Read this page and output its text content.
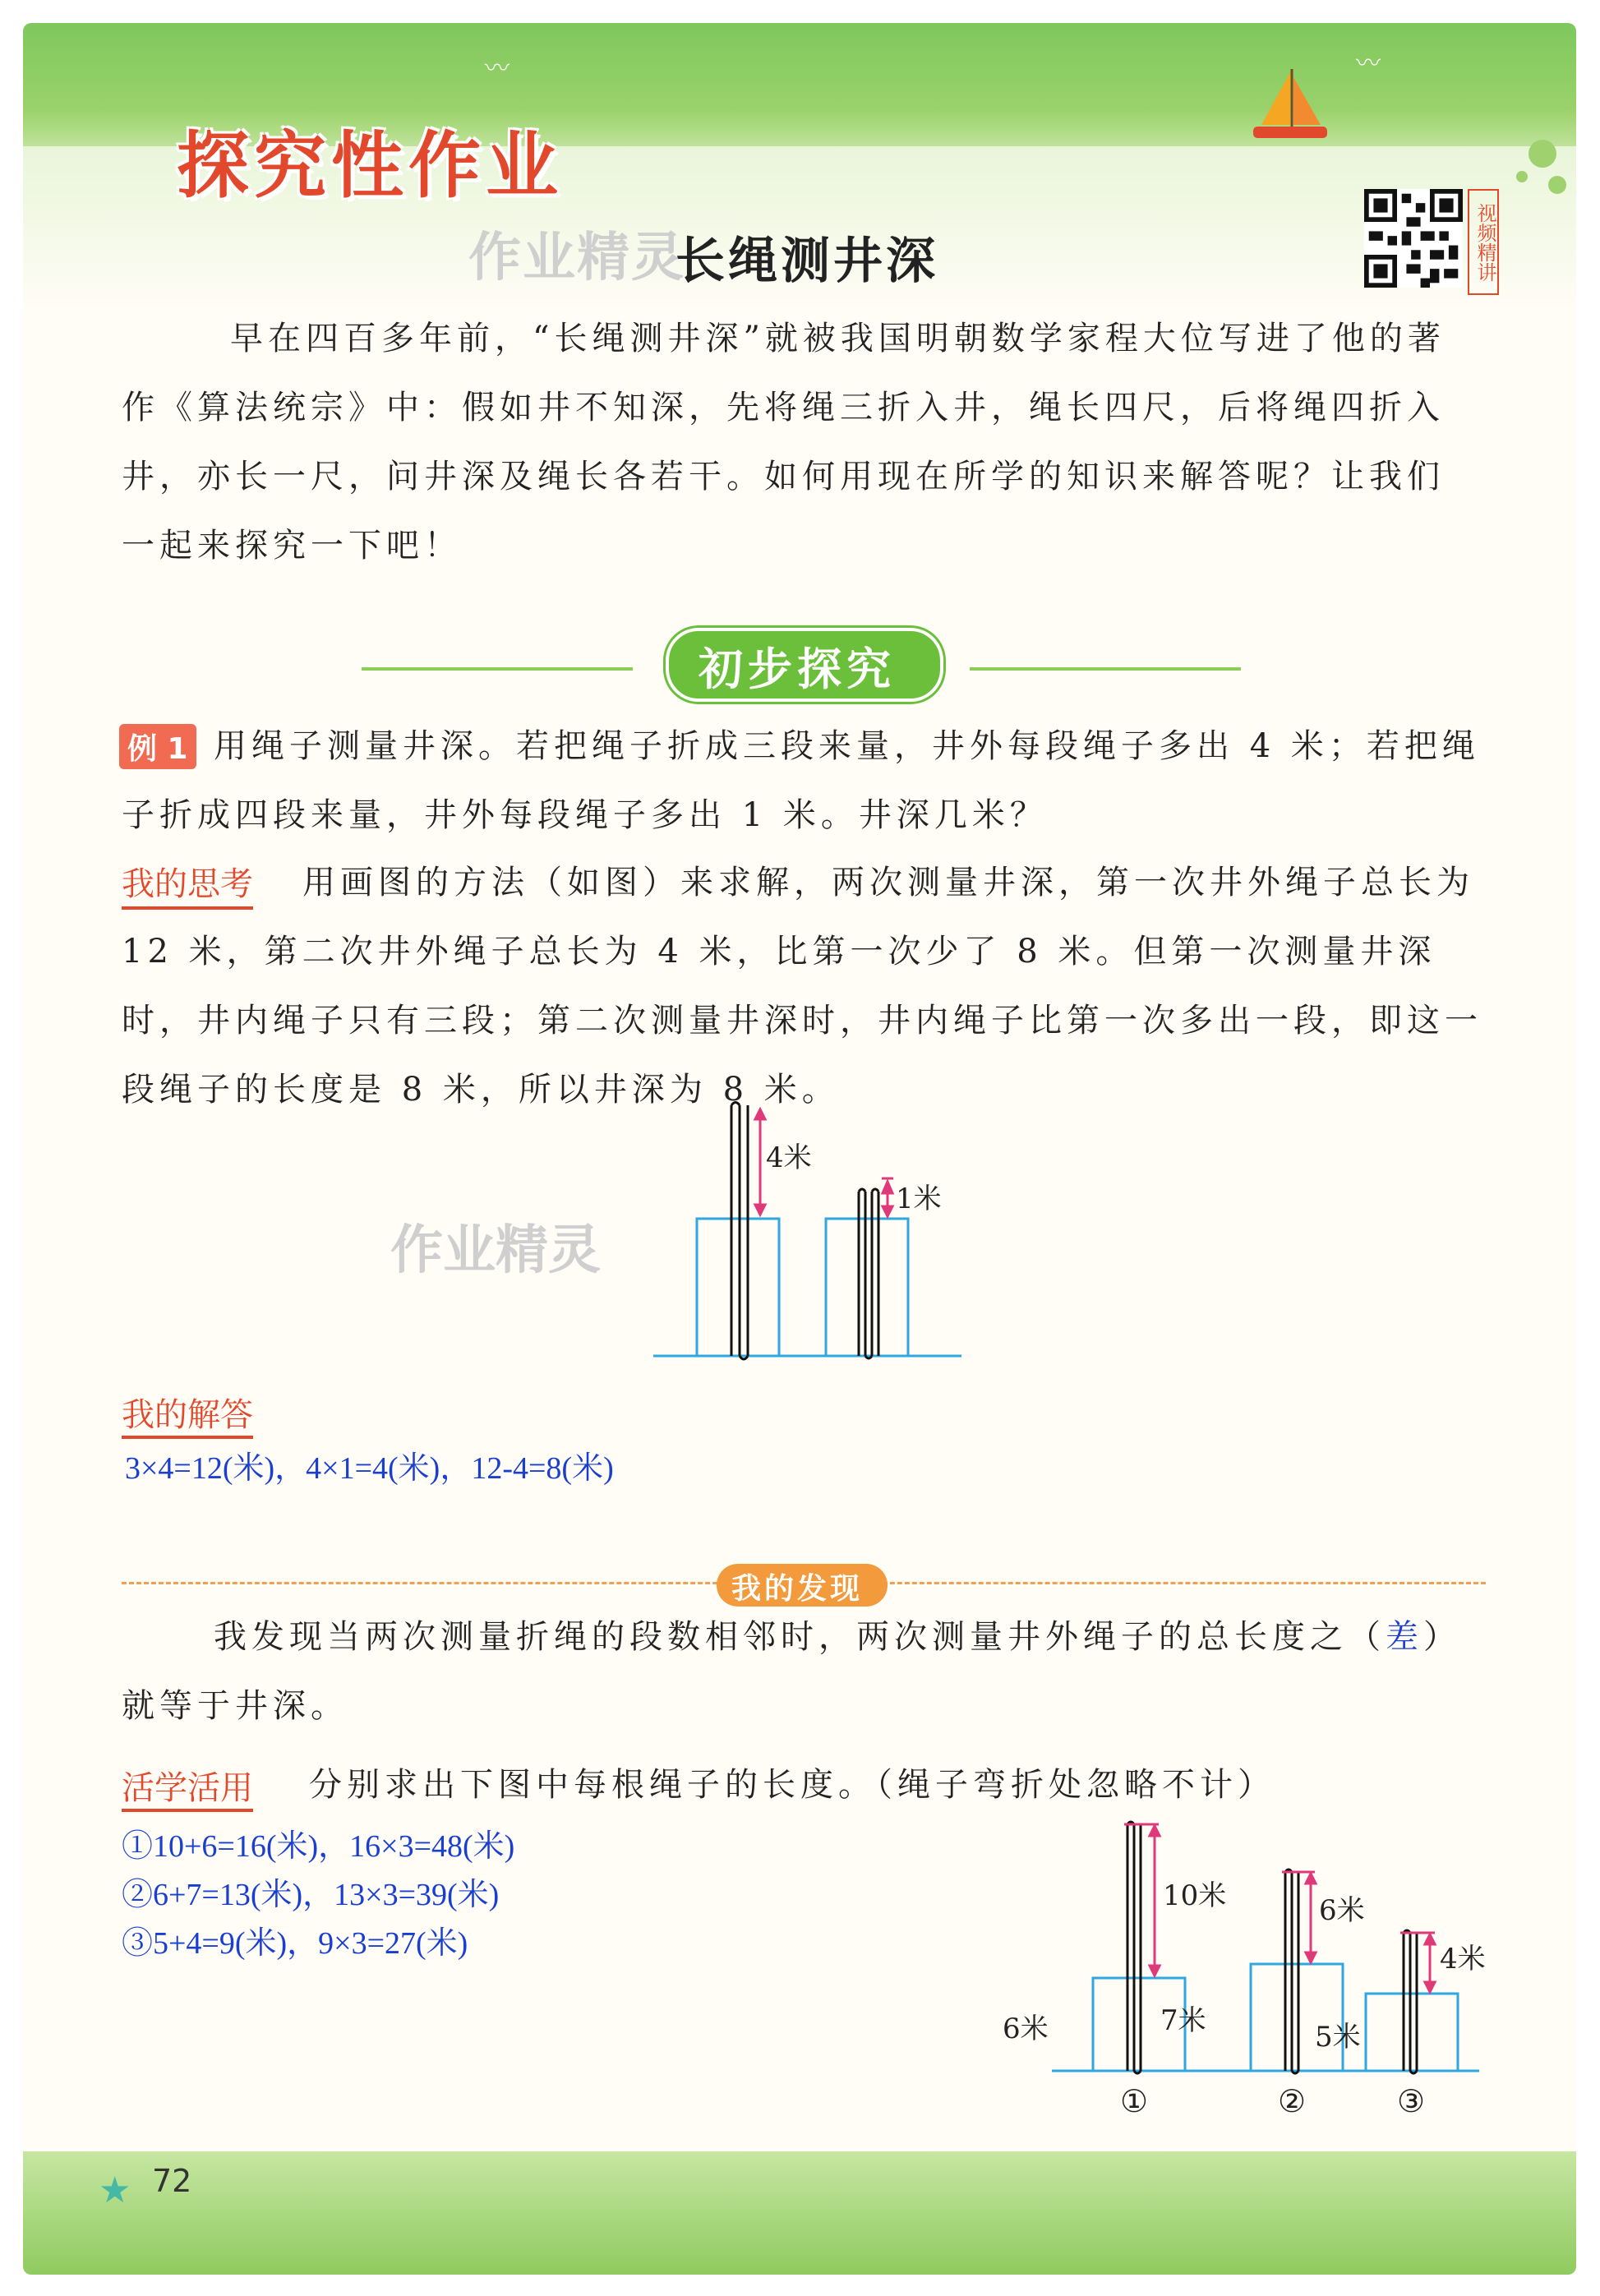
〰	〰
探究性作业
作业精灵
长绳测井深	视频精讲
早在四百多年前，“长绳测井深”就被我国明朝数学家程大位写进了他的著作《算法统宗》中：假如井不知深，先将绳三折入井，绳长四尺，后将绳四折入井，亦长一尺，问井深及绳长各若干。如何用现在所学的知识来解答呢？让我们一起来探究一下吧！
初步探究
用绳子测量井深。若把绳子折成三段来量，井外每段绳子多出 4 米；若把绳子折成四段来量，井外每段绳子多出 1 米。井深几米？
例 1
用画图的方法（如图）来求解，两次测量井深，第一次井外绳子总长为 12 米，第二次井外绳子总长为 4 米，比第一次少了 8 米。但第一次测量井深时，井内绳子只有三段；第二次测量井深时，井内绳子比第一次多出一段，即这一段绳子的长度是 8 米，所以井深为 8 米。
我的思考
作业精灵
4米
1米
我的解答
3×4=12(米)，4×1=4(米)，12-4=8(米)
我的发现
我发现当两次测量折绳的段数相邻时，两次测量井外绳子的总长度之（差）就等于井深。
分别求出下图中每根绳子的长度。（绳子弯折处忽略不计）
活学活用
①10+6=16(米)，16×3=48(米)
②6+7=13(米)，13×3=39(米)
③5+4=9(米)，9×3=27(米)
10米	6米
4米
6米	7米	5米
①	②	③
★ 72
